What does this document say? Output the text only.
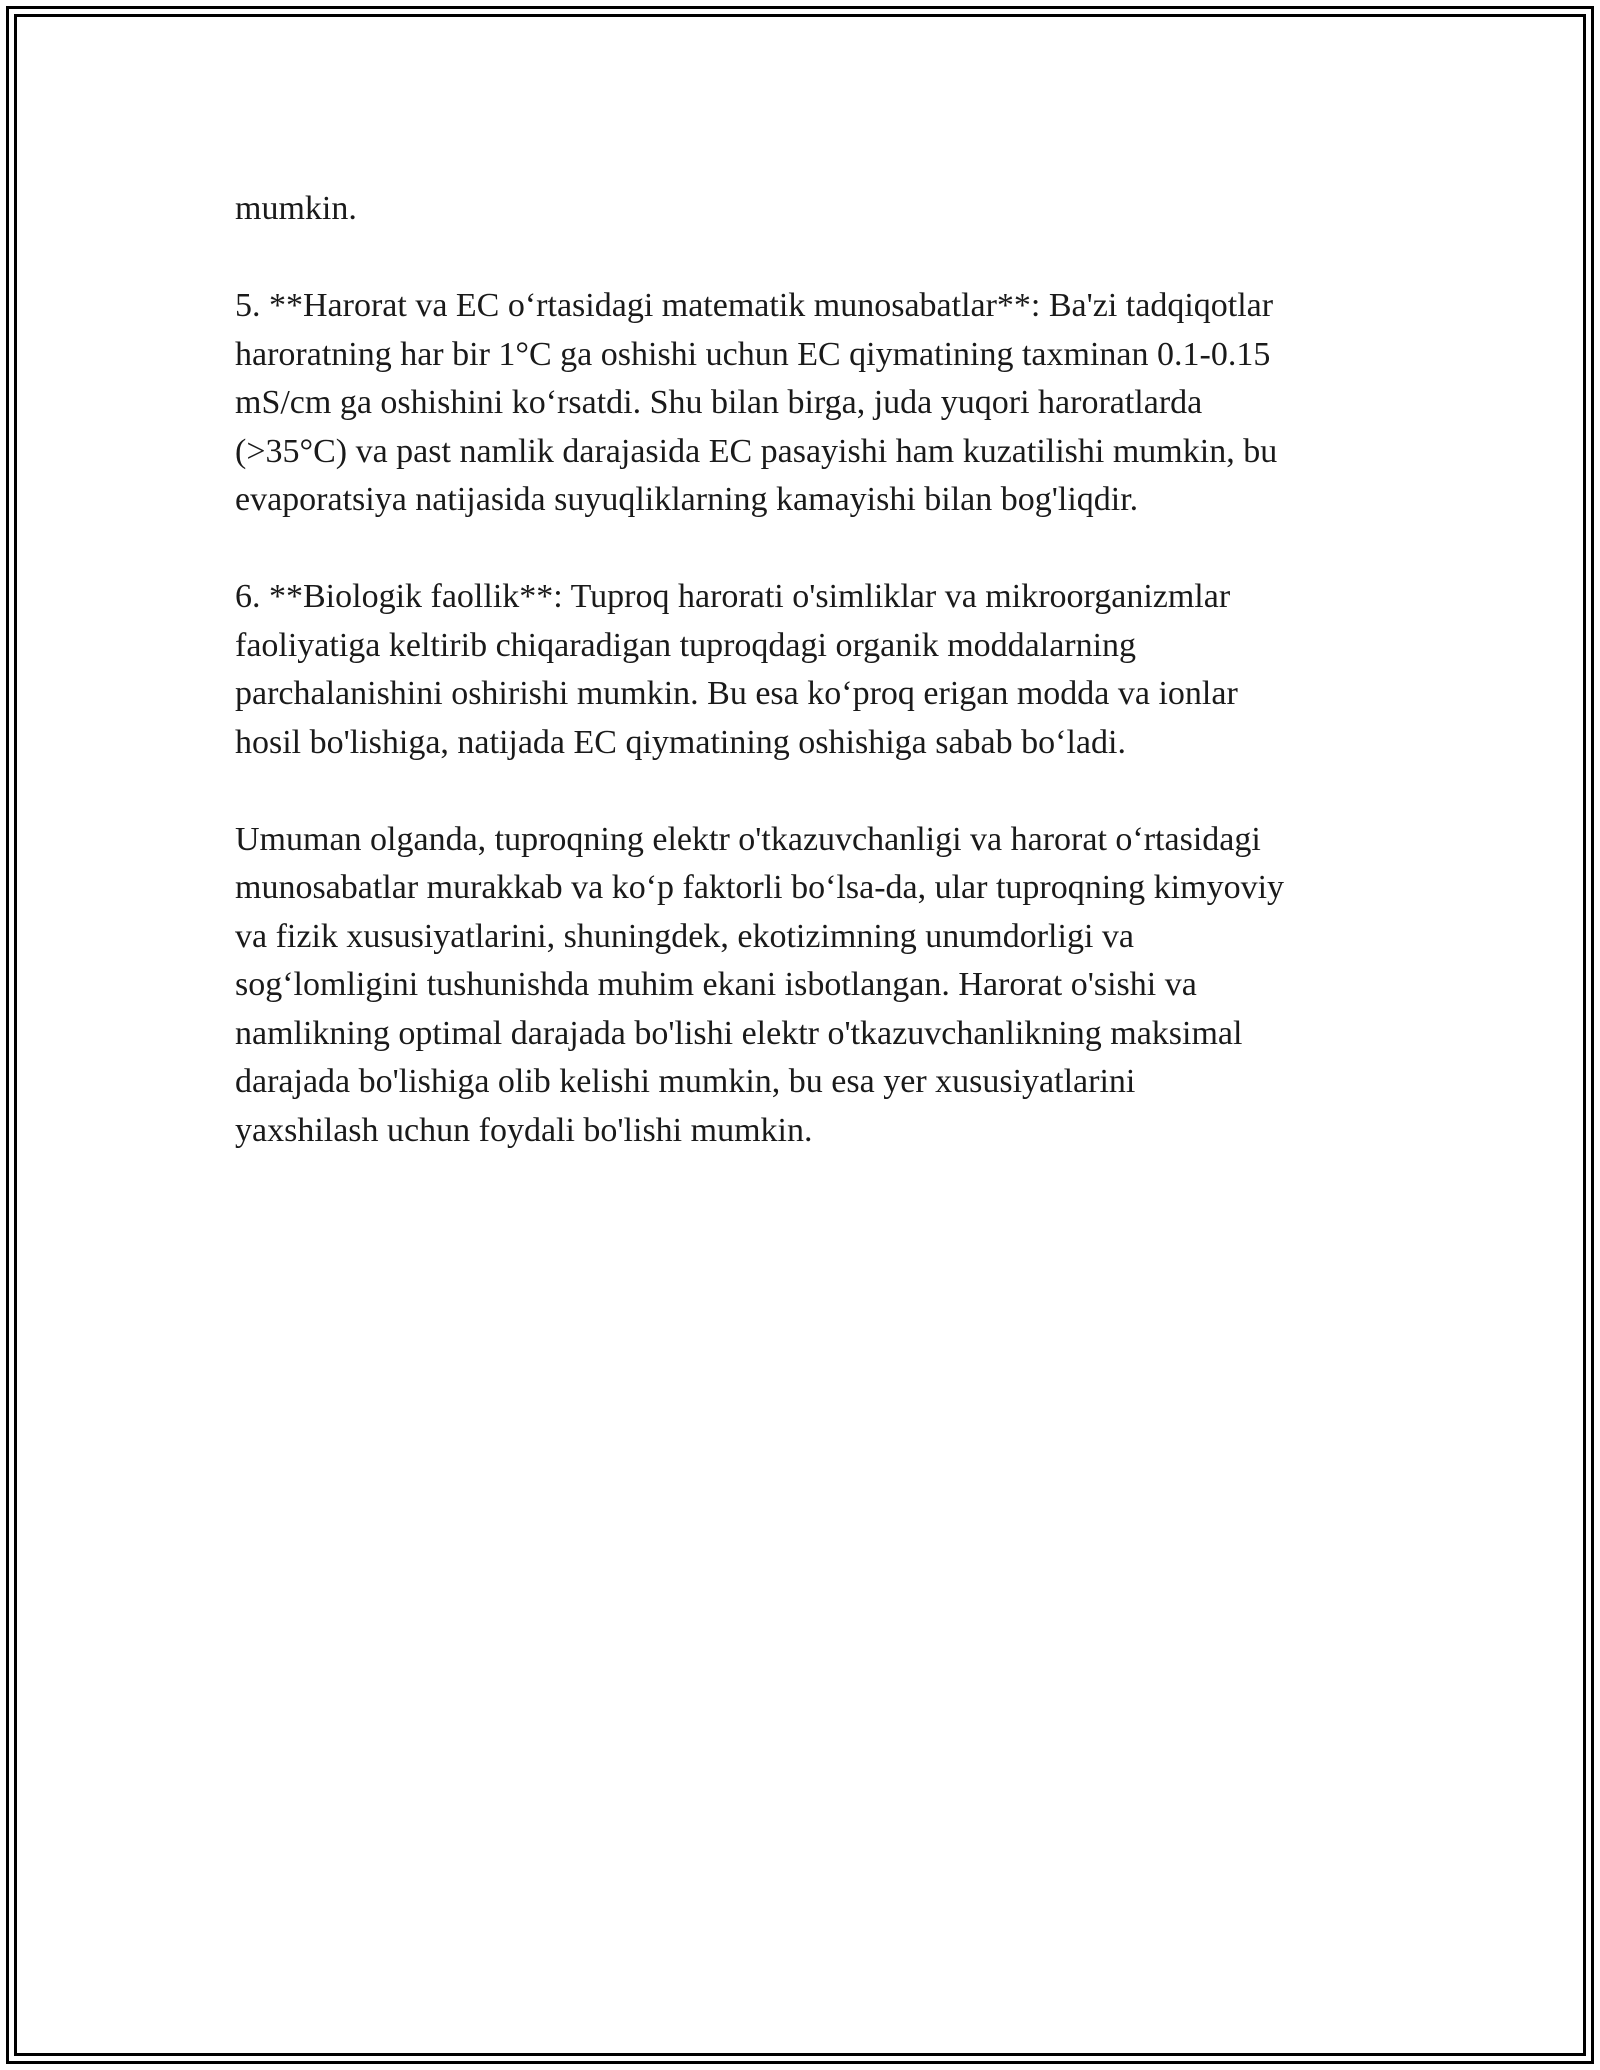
mumkin.

5. **Harorat va EC o‘rtasidagi matematik munosabatlar**: Ba'zi tadqiqotlar
haroratning har bir 1°C ga oshishi uchun EC qiymatining taxminan 0.1-0.15
mS/cm ga oshishini ko‘rsatdi. Shu bilan birga, juda yuqori haroratlarda
(>35°C) va past namlik darajasida EC pasayishi ham kuzatilishi mumkin, bu
evaporatsiya natijasida suyuqliklarning kamayishi bilan bog'liqdir.

6. **Biologik faollik**: Tuproq harorati o'simliklar va mikroorganizmlar
faoliyatiga keltirib chiqaradigan tuproqdagi organik moddalarning
parchalanishini oshirishi mumkin. Bu esa ko‘proq erigan modda va ionlar
hosil bo'lishiga, natijada EC qiymatining oshishiga sabab bo‘ladi.

Umuman olganda, tuproqning elektr o'tkazuvchanligi va harorat o‘rtasidagi
munosabatlar murakkab va ko‘p faktorli bo‘lsa-da, ular tuproqning kimyoviy
va fizik xususiyatlarini, shuningdek, ekotizimning unumdorligi va
sog‘lomligini tushunishda muhim ekani isbotlangan. Harorat o'sishi va
namlikning optimal darajada bo'lishi elektr o'tkazuvchanlikning maksimal
darajada bo'lishiga olib kelishi mumkin, bu esa yer xususiyatlarini
yaxshilash uchun foydali bo'lishi mumkin.
